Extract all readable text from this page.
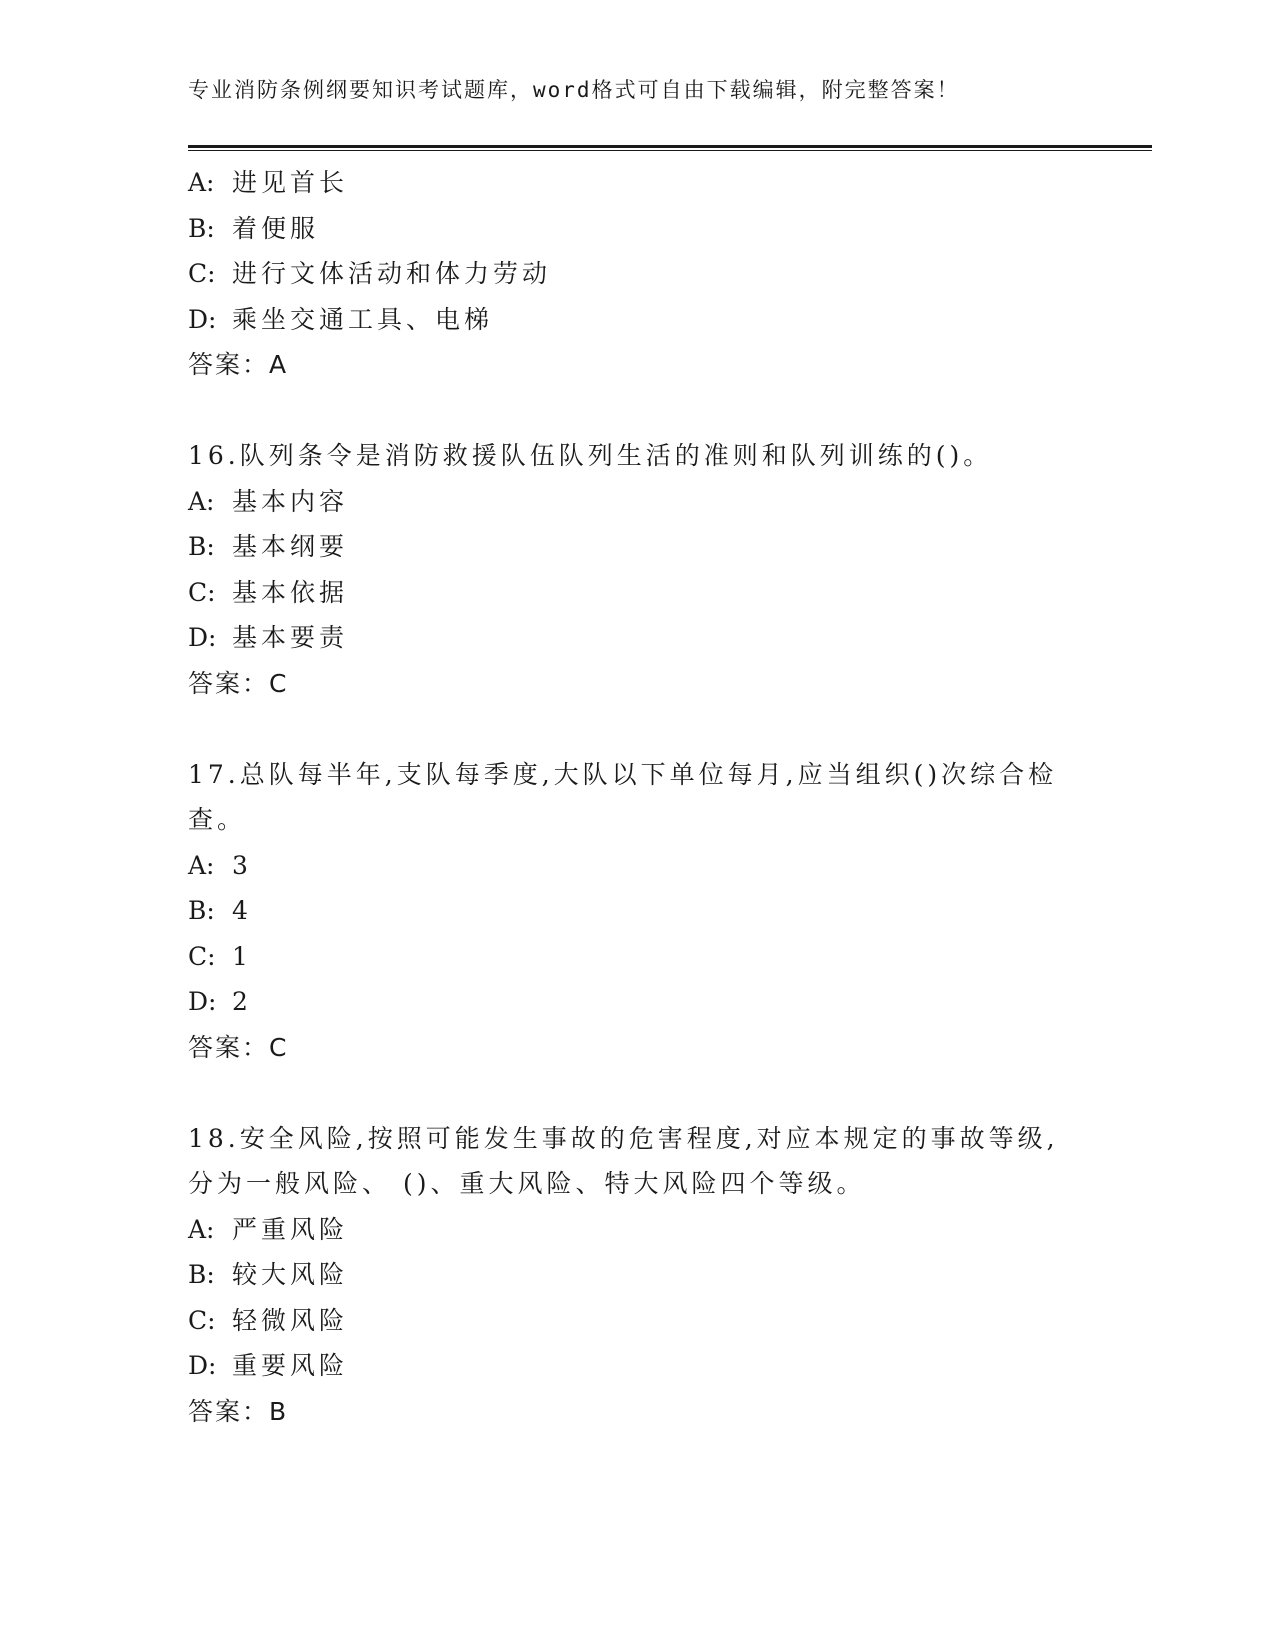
专业消防条例纲要知识考试题库，word格式可自由下载编辑，附完整答案！
A: 进见首长
B: 着便服
C: 进行文体活动和体力劳动
D: 乘坐交通工具、电梯
答案：A
16.队列条令是消防救援队伍队列生活的准则和队列训练的()。
A: 基本内容
B: 基本纲要
C: 基本依据
D: 基本要责
答案：C
17.总队每半年,支队每季度,大队以下单位每月,应当组织()次综合检查。
A: 3
B: 4
C: 1
D: 2
答案：C
18.安全风险,按照可能发生事故的危害程度,对应本规定的事故等级,分为一般风险、 ()、重大风险、特大风险四个等级。
A: 严重风险
B: 较大风险
C: 轻微风险
D: 重要风险
答案：B
